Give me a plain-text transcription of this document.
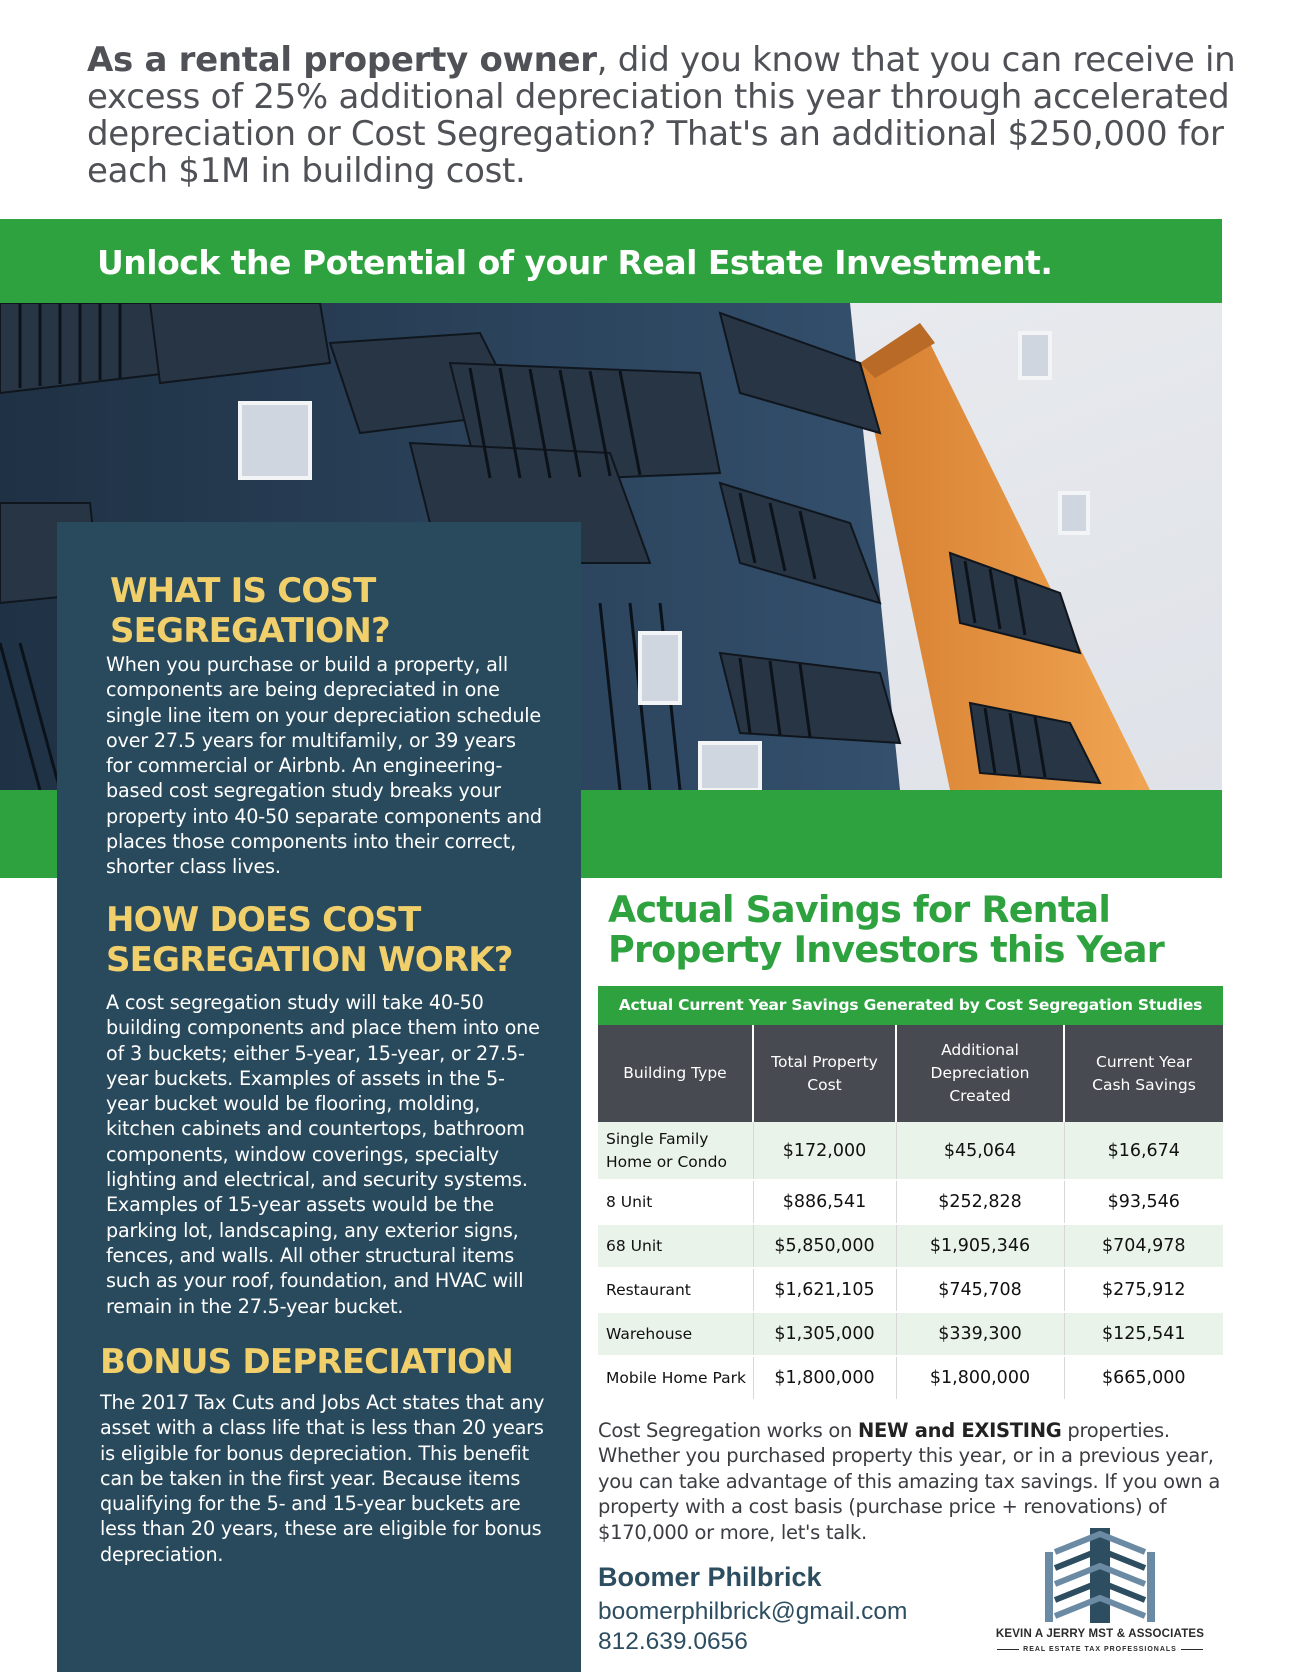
As a rental property owner, did you know that you can receive in excess of 25% additional depreciation this year through accelerated depreciation or Cost Segregation? That's an additional $250,000 for each $1M in building cost.
Unlock the Potential of your Real Estate Investment.
WHAT IS COST SEGREGATION?

When you purchase or build a property, all components are being depreciated in one single line item on your depreciation schedule over 27.5 years for multifamily, or 39 years for commercial or Airbnb. An engineering-based cost segregation study breaks your property into 40-50 separate components and places those components into their correct, shorter class lives.

HOW DOES COST SEGREGATION WORK?

A cost segregation study will take 40-50 building components and place them into one of 3 buckets; either 5-year, 15-year, or 27.5-year buckets. Examples of assets in the 5-year bucket would be flooring, molding, kitchen cabinets and countertops, bathroom components, window coverings, specialty lighting and electrical, and security systems. Examples of 15-year assets would be the parking lot, landscaping, any exterior signs, fences, and walls. All other structural items such as your roof, foundation, and HVAC will remain in the 27.5-year bucket.

BONUS DEPRECIATION

The 2017 Tax Cuts and Jobs Act states that any asset with a class life that is less than 20 years is eligible for bonus depreciation. This benefit can be taken in the first year. Because items qualifying for the 5- and 15-year buckets are less than 20 years, these are eligible for bonus depreciation.

Actual Savings for Rental Property Investors this Year
Actual Current Year Savings Generated by Cost Segregation Studies
Building Type	Total Property Cost	Additional Depreciation Created	Current Year Cash Savings
Single Family Home or Condo	$172,000	$45,064	$16,674
8 Unit	$886,541	$252,828	$93,546
68 Unit	$5,850,000	$1,905,346	$704,978
Restaurant	$1,621,105	$745,708	$275,912
Warehouse	$1,305,000	$339,300	$125,541
Mobile Home Park	$1,800,000	$1,800,000	$665,000
Cost Segregation works on NEW and EXISTING properties. Whether you purchased property this year, or in a previous year, you can take advantage of this amazing tax savings. If you own a property with a cost basis (purchase price + renovations) of $170,000 or more, let's talk.
Boomer Philbrick
boomerphilbrick@gmail.com
812.639.0656	KEVIN A JERRY MST & ASSOCIATES
REAL ESTATE TAX PROFESSIONALS
